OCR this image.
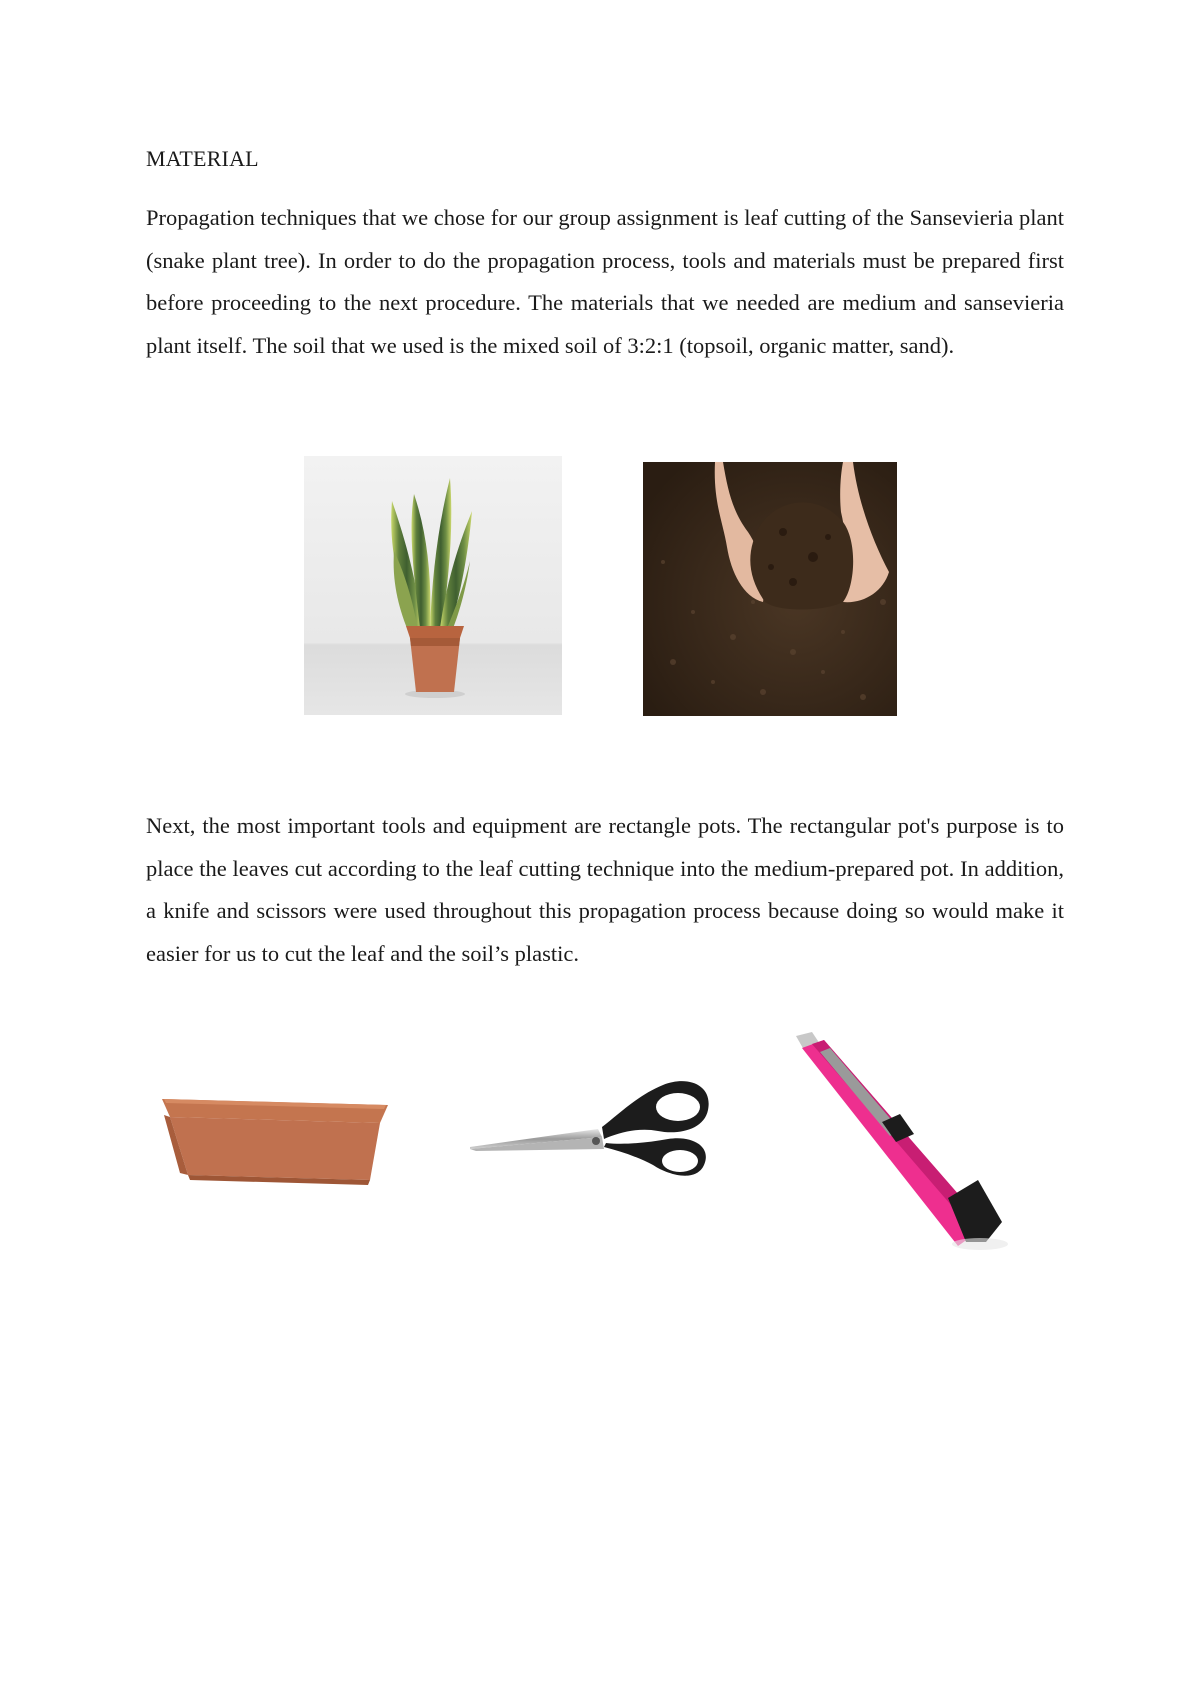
MATERIAL

Propagation techniques that we chose for our group assignment is leaf cutting of the Sansevieria plant (snake plant tree). In order to do the propagation process, tools and materials must be prepared first before proceeding to the next procedure. The materials that we needed are medium and sansevieria plant itself. The soil that we used is the mixed soil of 3:2:1 (topsoil, organic matter, sand).

Next, the most important tools and equipment are rectangle pots. The rectangular pot's purpose is to place the leaves cut according to the leaf cutting technique into the medium-prepared pot. In addition, a knife and scissors were used throughout this propagation process because doing so would make it easier for us to cut the leaf and the soil’s plastic.
